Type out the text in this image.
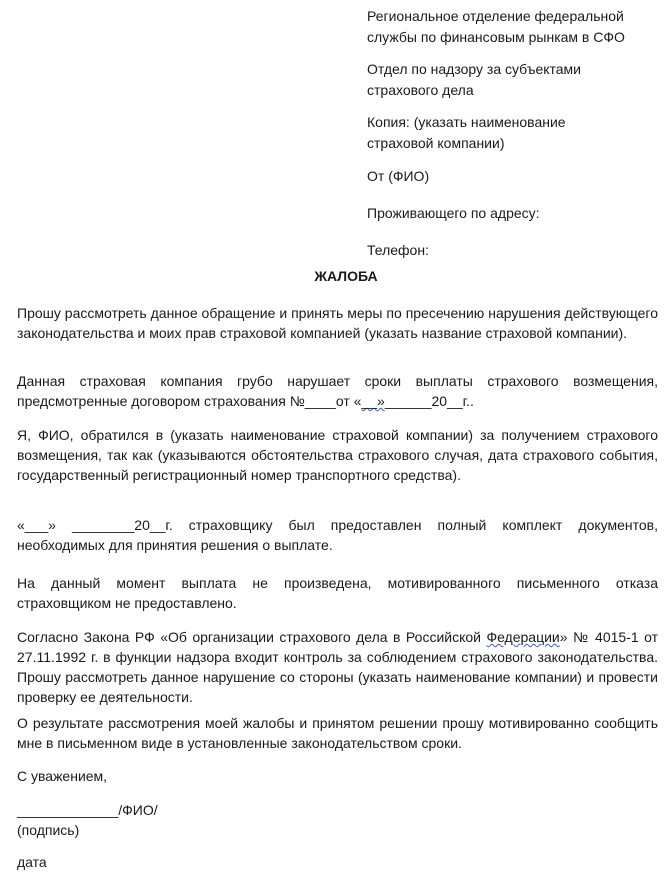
Региональное отделение федеральной

службы по финансовым рынкам в СФО

Отдел по надзору за субъектами

страхового дела

Копия: (указать наименование

страховой компании)

От (ФИО)

Проживающего по адресу:

Телефон:

ЖАЛОБА

Прошу рассмотреть данное обращение и принять меры по пресечению нарушения действующего законодательства и моих прав страховой компанией (указать название страховой компании).

Данная страховая компания грубо нарушает сроки выплаты страхового возмещения, предсмотренные договором страхования №____от «__»______20__г..

Я, ФИО, обратился в (указать наименование страховой компании) за получением страхового возмещения, так как (указываются обстоятельства страхового случая, дата страхового события, государственный регистрационный номер транспортного средства).

«___» ________20__г. страховщику был предоставлен полный комплект документов, необходимых для принятия решения о выплате.

На данный момент выплата не произведена, мотивированного письменного отказа страховщиком не предоставлено.

Согласно Закона РФ «Об организации страхового дела в Российской Федерации» № 4015-1 от 27.11.1992 г. в функции надзора входит контроль за соблюдением страхового законодательства. Прошу рассмотреть данное нарушение со стороны (указать наименование компании) и провести проверку ее деятельности.

О результате рассмотрения моей жалобы и принятом решении прошу мотивированно сообщить мне в письменном виде в установленные законодательством сроки.

С уважением,

_____________/ФИО/

(подпись)

дата
